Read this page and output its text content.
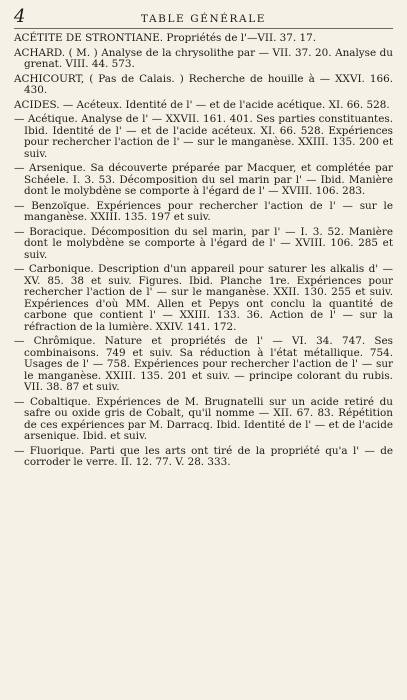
4	TABLE GÉNÉRALE

ACÉTITE DE STRONTIANE. Propriétés de l'—VII. 37. 17.

ACHARD. ( M. ) Analyse de la chrysolithe par — VII. 37. 20. Analyse du grenat. VIII. 44. 573.

ACHICOURT, ( Pas de Calais. ) Recherche de houille à — XXVI. 166. 430.

ACIDES. — Acéteux. Identité de l' — et de l'acide acétique. XI. 66. 528.

— Acétique. Analyse de l' — XXVII. 161. 401. Ses parties constituantes. Ibid. Identité de l' — et de l'acide acéteux. XI. 66. 528. Expériences pour rechercher l'action de l' — sur le manganèse. XXIII. 135. 200 et suiv.

— Arsenique. Sa découverte préparée par Macquer, et complétée par Schéele. I. 3. 53. Décomposition du sel marin par l' — Ibid. Manière dont le molybdène se comporte à l'égard de l' — XVIII. 106. 283.

— Benzoïque. Expériences pour rechercher l'action de l' — sur le manganèse. XXIII. 135. 197 et suiv.

— Boracique. Décomposition du sel marin, par l' — I. 3. 52. Manière dont le molybdène se comporte à l'égard de l' — XVIII. 106. 285 et suiv.

— Carbonique. Description d'un appareil pour saturer les alkalis d' — XV. 85. 38 et suiv. Figures. Ibid. Planche 1re. Expériences pour rechercher l'action de l' — sur le manganèse. XXII. 130. 255 et suiv. Expériences d'où MM. Allen et Pepys ont conclu la quantité de carbone que contient l' — XXIII. 133. 36. Action de l' — sur la réfraction de la lumière. XXIV. 141. 172.

— Chrômique. Nature et propriétés de l' — VI. 34. 747. Ses combinaisons. 749 et suiv. Sa réduction à l'état métallique. 754. Usages de l' — 758. Expériences pour rechercher l'action de l' — sur le manganèse. XXIII. 135. 201 et suiv. — principe colorant du rubis. VII. 38. 87 et suiv.

— Cobaltique. Expériences de M. Brugnatelli sur un acide retiré du safre ou oxide gris de Cobalt, qu'il nomme — XII. 67. 83. Répétition de ces expériences par M. Darracq. Ibid. Identité de l' — et de l'acide arsenique. Ibid. et suiv.

— Fluorique. Parti que les arts ont tiré de la propriété qu'a l' — de corroder le verre. II. 12. 77. V. 28. 333.
